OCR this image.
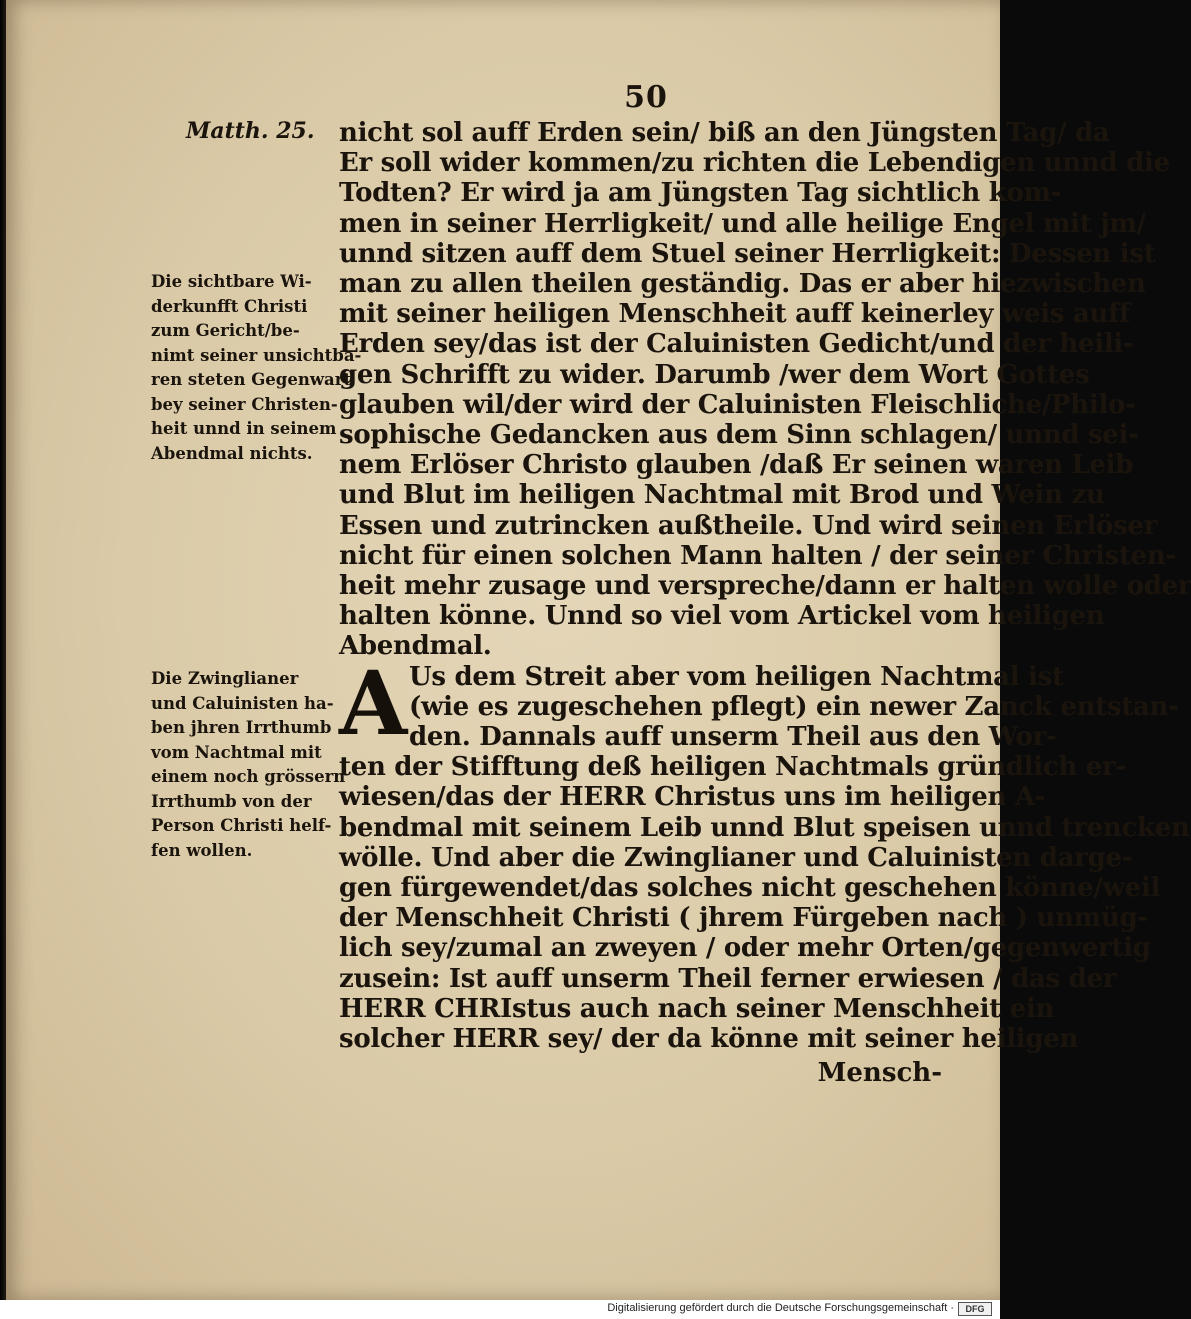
50
Matth. 25.
Die sichtbare Wi-
derkunfft Christi
zum Gericht/be-
nimt seiner unsichtba-
ren steten Gegenwart
bey seiner Christen-
heit unnd in seinem
Abendmal nichts.
Die Zwinglianer
und Caluinisten ha-
ben jhren Irrthumb
vom Nachtmal mit
einem noch grössern
Irrthumb von der
Person Christi helf-
fen wollen.
nicht sol auff Erden sein/ biß an den Jüngsten Tag/ da
Er soll wider kommen/zu richten die Lebendigen unnd die
Todten? Er wird ja am Jüngsten Tag sichtlich kom-
men in seiner Herrligkeit/ und alle heilige Engel mit jm/
unnd sitzen auff dem Stuel seiner Herrligkeit: Dessen ist
man zu allen theilen geständig. Das er aber hiezwischen
mit seiner heiligen Menschheit auff keinerley weis auff
Erden sey/das ist der Caluinisten Gedicht/und der heili-
gen Schrifft zu wider. Darumb /wer dem Wort Gottes
glauben wil/der wird der Caluinisten Fleischliche/Philo-
sophische Gedancken aus dem Sinn schlagen/ unnd sei-
nem Erlöser Christo glauben /daß Er seinen waren Leib
und Blut im heiligen Nachtmal mit Brod und Wein zu
Essen und zutrincken außtheile. Und wird seinen Erlöser
nicht für einen solchen Mann halten / der seiner Christen-
heit mehr zusage und verspreche/dann er halten wolle oder
halten könne. Unnd so viel vom Artickel vom heiligen
Abendmal.
Us dem Streit aber vom heiligen Nachtmal ist
(wie es zugeschehen pflegt) ein newer Zanck entstan-
den. Dannals auff unserm Theil aus den Wor-
ten der Stifftung deß heiligen Nachtmals gründlich er-
wiesen/das der HERR Christus uns im heiligen A-
bendmal mit seinem Leib unnd Blut speisen unnd trencken
wölle. Und aber die Zwinglianer und Caluinisten darge-
gen fürgewendet/das solches nicht geschehen könne/weil
der Menschheit Christi ( jhrem Fürgeben nach ) unmüg-
lich sey/zumal an zweyen / oder mehr Orten/gegenwertig
zusein: Ist auff unserm Theil ferner erwiesen / das der
HERR CHRIstus auch nach seiner Menschheit ein
solcher HERR sey/ der da könne mit seiner heiligen
A
Mensch-
Digitalisierung gefördert durch die Deutsche Forschungsgemeinschaft ·	DFG
